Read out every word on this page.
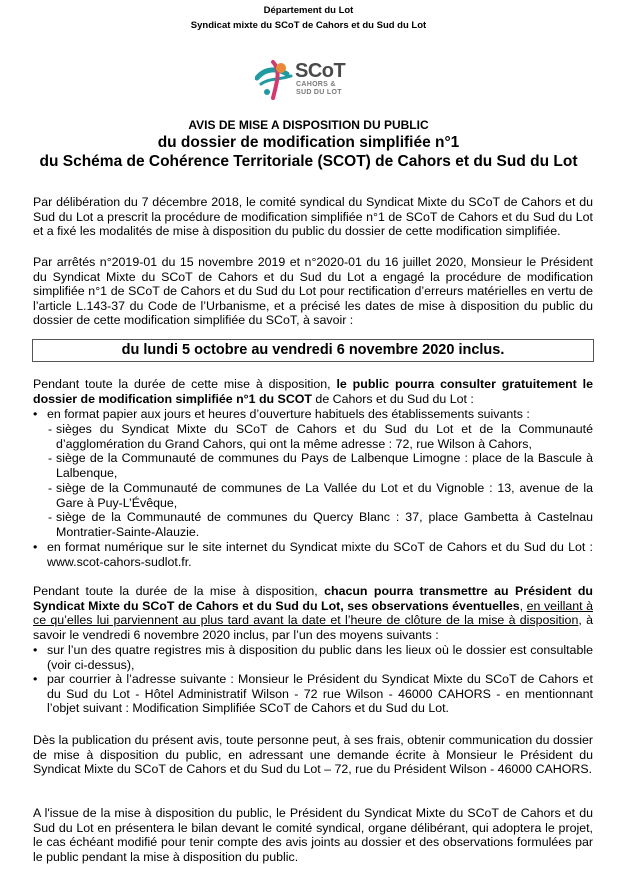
Département du Lot
Syndicat mixte du SCoT de Cahors et du Sud du Lot
SCoT
CAHORS &
SUD DU LOT
AVIS DE MISE A DISPOSITION DU PUBLIC
du dossier de modification simplifiée n°1
du Schéma de Cohérence Territoriale (SCOT) de Cahors et du Sud du Lot
Par délibération du 7 décembre 2018, le comité syndical du Syndicat Mixte du SCoT de Cahors et du Sud du Lot a prescrit la procédure de modification simplifiée n°1 de SCoT de Cahors et du Sud du Lot et a fixé les modalités de mise à disposition du public du dossier de cette modification simplifiée.
Par arrêtés n°2019-01 du 15 novembre 2019 et n°2020-01 du 16 juillet 2020, Monsieur le Président du Syndicat Mixte du SCoT de Cahors et du Sud du Lot a engagé la procédure de modification simplifiée n°1 de SCoT de Cahors et du Sud du Lot pour rectification d’erreurs matérielles en vertu de l’article L.143-37 du Code de l’Urbanisme, et a précisé les dates de mise à disposition du public du dossier de cette modification simplifiée du SCoT, à savoir :
du lundi 5 octobre au vendredi 6 novembre 2020 inclus.
Pendant toute la durée de cette mise à disposition, le public pourra consulter gratuitement le dossier de modification simplifiée n°1 du SCOT de Cahors et du Sud du Lot :
• en format papier aux jours et heures d’ouverture habituels des établissements suivants :
- sièges du Syndicat Mixte du SCoT de Cahors et du Sud du Lot et de la Communauté d’agglomération du Grand Cahors, qui ont la même adresse : 72, rue Wilson à Cahors,
- siège de la Communauté de communes du Pays de Lalbenque Limogne : place de la Bascule à Lalbenque,
- siège de la Communauté de communes de La Vallée du Lot et du Vignoble : 13, avenue de la Gare à Puy-L’Évêque,
- siège de la Communauté de communes du Quercy Blanc : 37, place Gambetta à Castelnau Montratier-Sainte-Alauzie.
• en format numérique sur le site internet du Syndicat mixte du SCoT de Cahors et du Sud du Lot : www.scot-cahors-sudlot.fr.
Pendant toute la durée de la mise à disposition, chacun pourra transmettre au Président du Syndicat Mixte du SCoT de Cahors et du Sud du Lot, ses observations éventuelles, en veillant à ce qu’elles lui parviennent au plus tard avant la date et l’heure de clôture de la mise à disposition, à savoir le vendredi 6 novembre 2020 inclus, par l’un des moyens suivants :
• sur l’un des quatre registres mis à disposition du public dans les lieux où le dossier est consultable (voir ci-dessus),
• par courrier à l’adresse suivante : Monsieur le Président du Syndicat Mixte du SCoT de Cahors et du Sud du Lot - Hôtel Administratif Wilson - 72 rue Wilson - 46000 CAHORS - en mentionnant l’objet suivant : Modification Simplifiée SCoT de Cahors et du Sud du Lot.
Dès la publication du présent avis, toute personne peut, à ses frais, obtenir communication du dossier de mise à disposition du public, en adressant une demande écrite à Monsieur le Président du Syndicat Mixte du SCoT de Cahors et du Sud du Lot – 72, rue du Président Wilson - 46000 CAHORS.
A l'issue de la mise à disposition du public, le Président du Syndicat Mixte du SCoT de Cahors et du Sud du Lot en présentera le bilan devant le comité syndical, organe délibérant, qui adoptera le projet, le cas échéant modifié pour tenir compte des avis joints au dossier et des observations formulées par le public pendant la mise à disposition du public.
